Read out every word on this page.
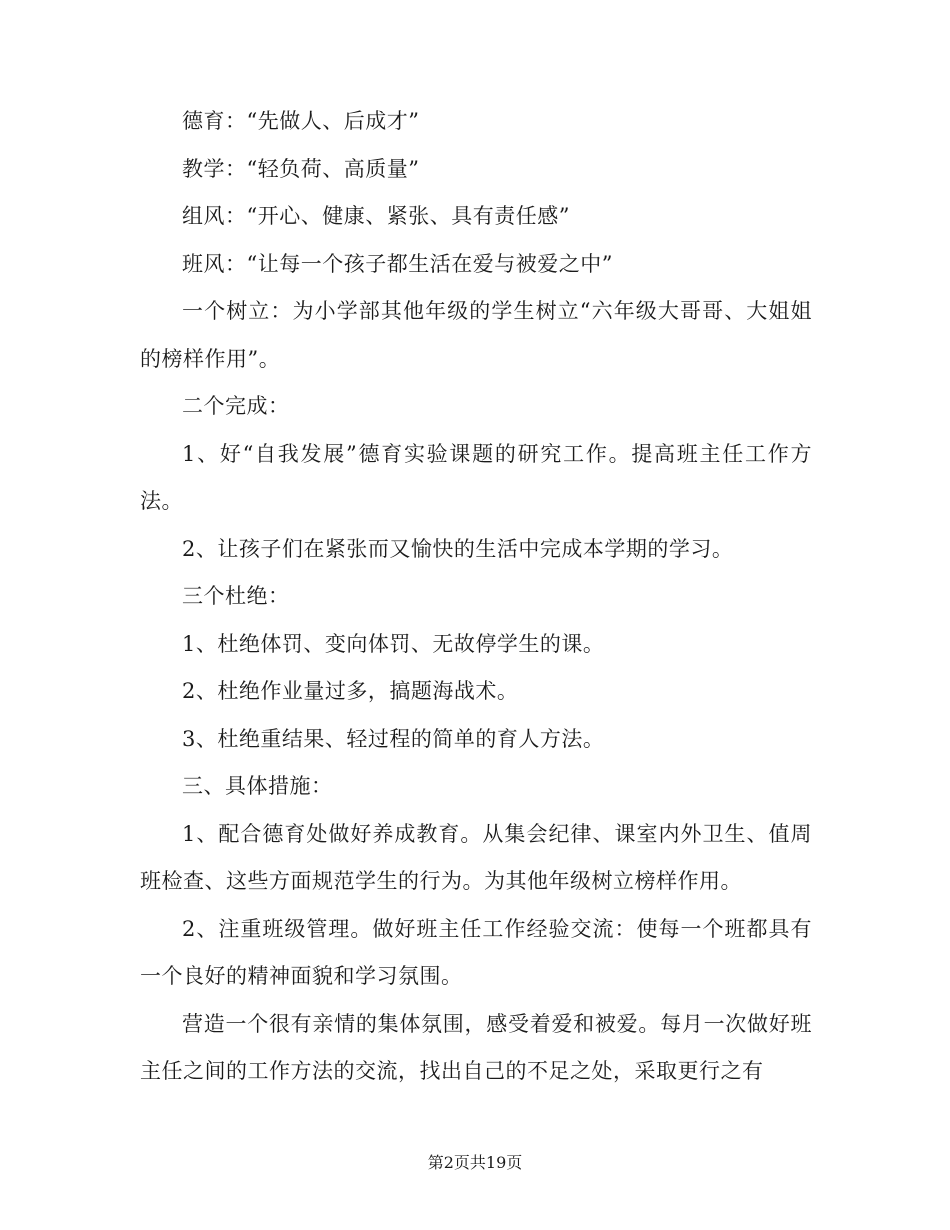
德育：“先做人、后成才”

教学：“轻负荷、高质量”

组风：“开心、健康、紧张、具有责任感”

班风：“让每一个孩子都生活在爱与被爱之中”

一个树立：为小学部其他年级的学生树立“六年级大哥哥、大姐姐的榜样作用”。

二个完成：

1、好“自我发展”德育实验课题的研究工作。提高班主任工作方法。

2、让孩子们在紧张而又愉快的生活中完成本学期的学习。

三个杜绝：

1、杜绝体罚、变向体罚、无故停学生的课。

2、杜绝作业量过多，搞题海战术。

3、杜绝重结果、轻过程的简单的育人方法。

三、具体措施：

1、配合德育处做好养成教育。从集会纪律、课室内外卫生、值周班检查、这些方面规范学生的行为。为其他年级树立榜样作用。

2、注重班级管理。做好班主任工作经验交流：使每一个班都具有一个良好的精神面貌和学习氛围。

营造一个很有亲情的集体氛围，感受着爱和被爱。每月一次做好班主任之间的工作方法的交流，找出自己的不足之处，采取更行之有

第2页共19页
